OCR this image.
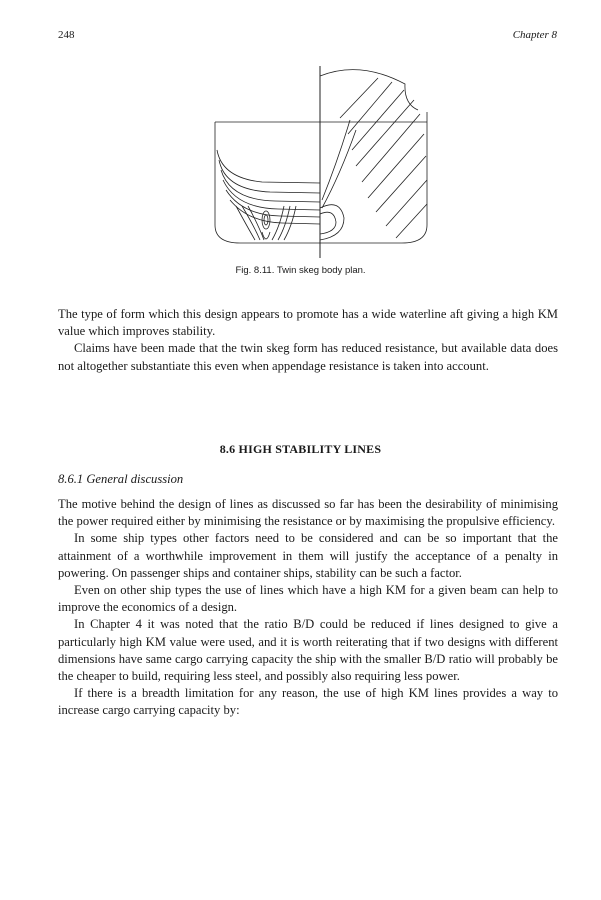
248	Chapter 8
Fig. 8.11. Twin skeg body plan.

The type of form which this design appears to promote has a wide waterline aft giving a high KM value which improves stability.

Claims have been made that the twin skeg form has reduced resistance, but available data does not altogether substantiate this even when appendage resistance is taken into account.

8.6 HIGH STABILITY LINES
8.6.1 General discussion

The motive behind the design of lines as discussed so far has been the desirability of minimising the power required either by minimising the resistance or by maximising the propulsive efficiency.

In some ship types other factors need to be considered and can be so important that the attainment of a worthwhile improvement in them will justify the acceptance of a penalty in powering. On passenger ships and container ships, stability can be such a factor.

Even on other ship types the use of lines which have a high KM for a given beam can help to improve the economics of a design.

In Chapter 4 it was noted that the ratio B/D could be reduced if lines designed to give a particularly high KM value were used, and it is worth reiterating that if two designs with different dimensions have same cargo carrying capacity the ship with the smaller B/D ratio will probably be the cheaper to build, requiring less steel, and possibly also requiring less power.

If there is a breadth limitation for any reason, the use of high KM lines provides a way to increase cargo carrying capacity by:
